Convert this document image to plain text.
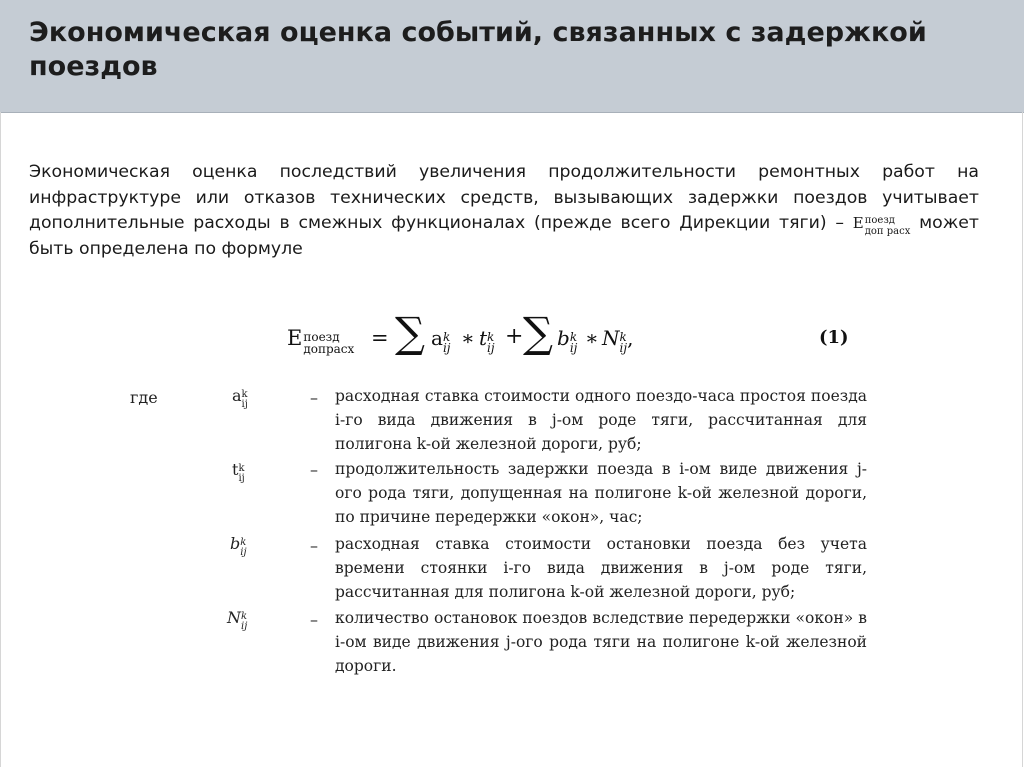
Экономическая оценка событий, связанных с задержкой поездов

Экономическая оценка последствий увеличения продолжительности ремонтных работ на инфраструктуре или отказов технических средств, вызывающих задержки поездов учитывает дополнительные расходы в смежных функционалах (прежде всего Дирекции тяги) – Е поезд
доп расх может быть определена по формуле

Е поезд
допрасх = ∑ a k
ij ∗ t k
ij + ∑ b k
ij ∗ N k
ij ,	(1)
где	a k
ij	– расходная ставка стоимости одного поездо-часа простоя поезда i-го вида движения в j-ом роде тяги, рассчитанная для полигона k-ой железной дороги, руб;
t k
ij	– продолжительность задержки поезда в i-ом виде движения j-ого рода тяги, допущенная на полигоне k-ой железной дороги, по причине передержки «окон», час;
b k
ij	– расходная ставка стоимости остановки поезда без учета времени стоянки i-го вида движения в j-ом роде тяги, рассчитанная для полигона k-ой железной дороги, руб;
N k
ij	– количество остановок поездов вследствие передержки «окон» в i-ом виде движения j-ого рода тяги на полигоне k-ой железной дороги.
